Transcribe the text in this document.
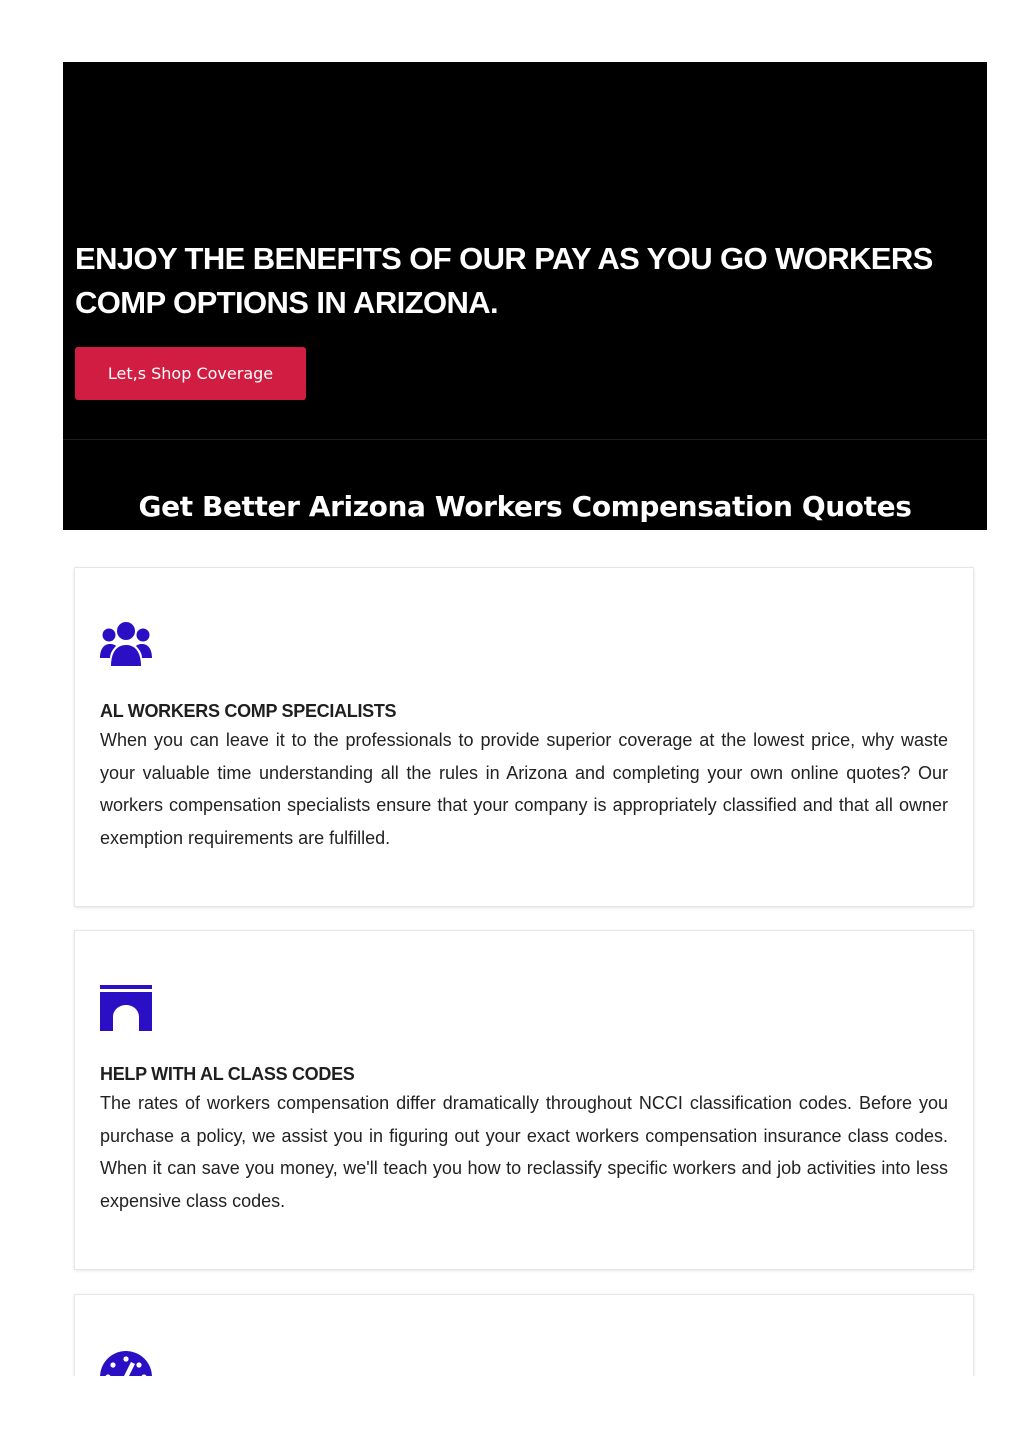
ENJOY THE BENEFITS OF OUR PAY AS YOU GO WORKERS COMP OPTIONS IN ARIZONA.
Let,s Shop Coverage
Get Better Arizona Workers Compensation Quotes
AL WORKERS COMP SPECIALISTS

When you can leave it to the professionals to provide superior coverage at the lowest price, why waste your valuable time understanding all the rules in Arizona and completing your own online quotes? Our workers compensation specialists ensure that your company is appropriately classified and that all owner exemption requirements are fulfilled.

HELP WITH AL CLASS CODES

The rates of workers compensation differ dramatically throughout NCCI classification codes. Before you purchase a policy, we assist you in figuring out your exact workers compensation insurance class codes. When it can save you money, we'll teach you how to reclassify specific workers and job activities into less expensive class codes.
